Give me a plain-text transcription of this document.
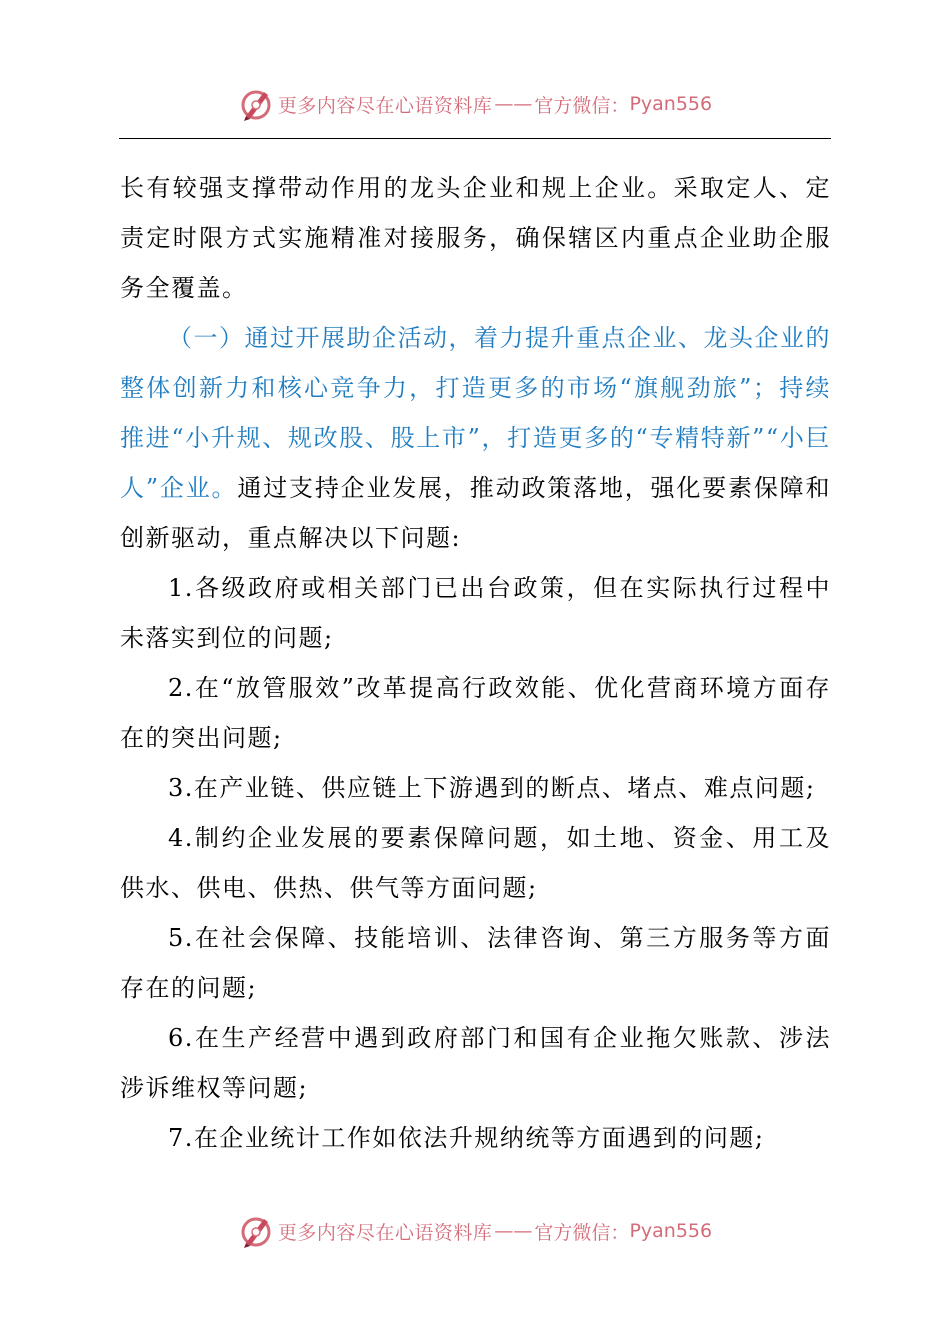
更多内容尽在心语资料库 —— 官方微信： Pyan556

长有较强支撑带动作用的龙头企业和规上企业。采取定人、定责定时限方式实施精准对接服务，确保辖区内重点企业助企服务全覆盖。

（一）通过开展助企活动，着力提升重点企业、龙头企业的整体创新力和核心竞争力，打造更多的市场“旗舰劲旅”；持续推进“小升规、规改股、股上市”，打造更多的“专精特新”“小巨人”企业。通过支持企业发展，推动政策落地，强化要素保障和创新驱动，重点解决以下问题:

1.各级政府或相关部门已出台政策，但在实际执行过程中未落实到位的问题;

2.在“放管服效”改革提高行政效能、优化营商环境方面存在的突出问题;

3.在产业链、供应链上下游遇到的断点、堵点、难点问题;

4.制约企业发展的要素保障问题，如土地、资金、用工及供水、供电、供热、供气等方面问题;

5.在社会保障、技能培训、法律咨询、第三方服务等方面存在的问题;

6.在生产经营中遇到政府部门和国有企业拖欠账款、涉法涉诉维权等问题;

7.在企业统计工作如依法升规纳统等方面遇到的问题;

更多内容尽在心语资料库 —— 官方微信： Pyan556
